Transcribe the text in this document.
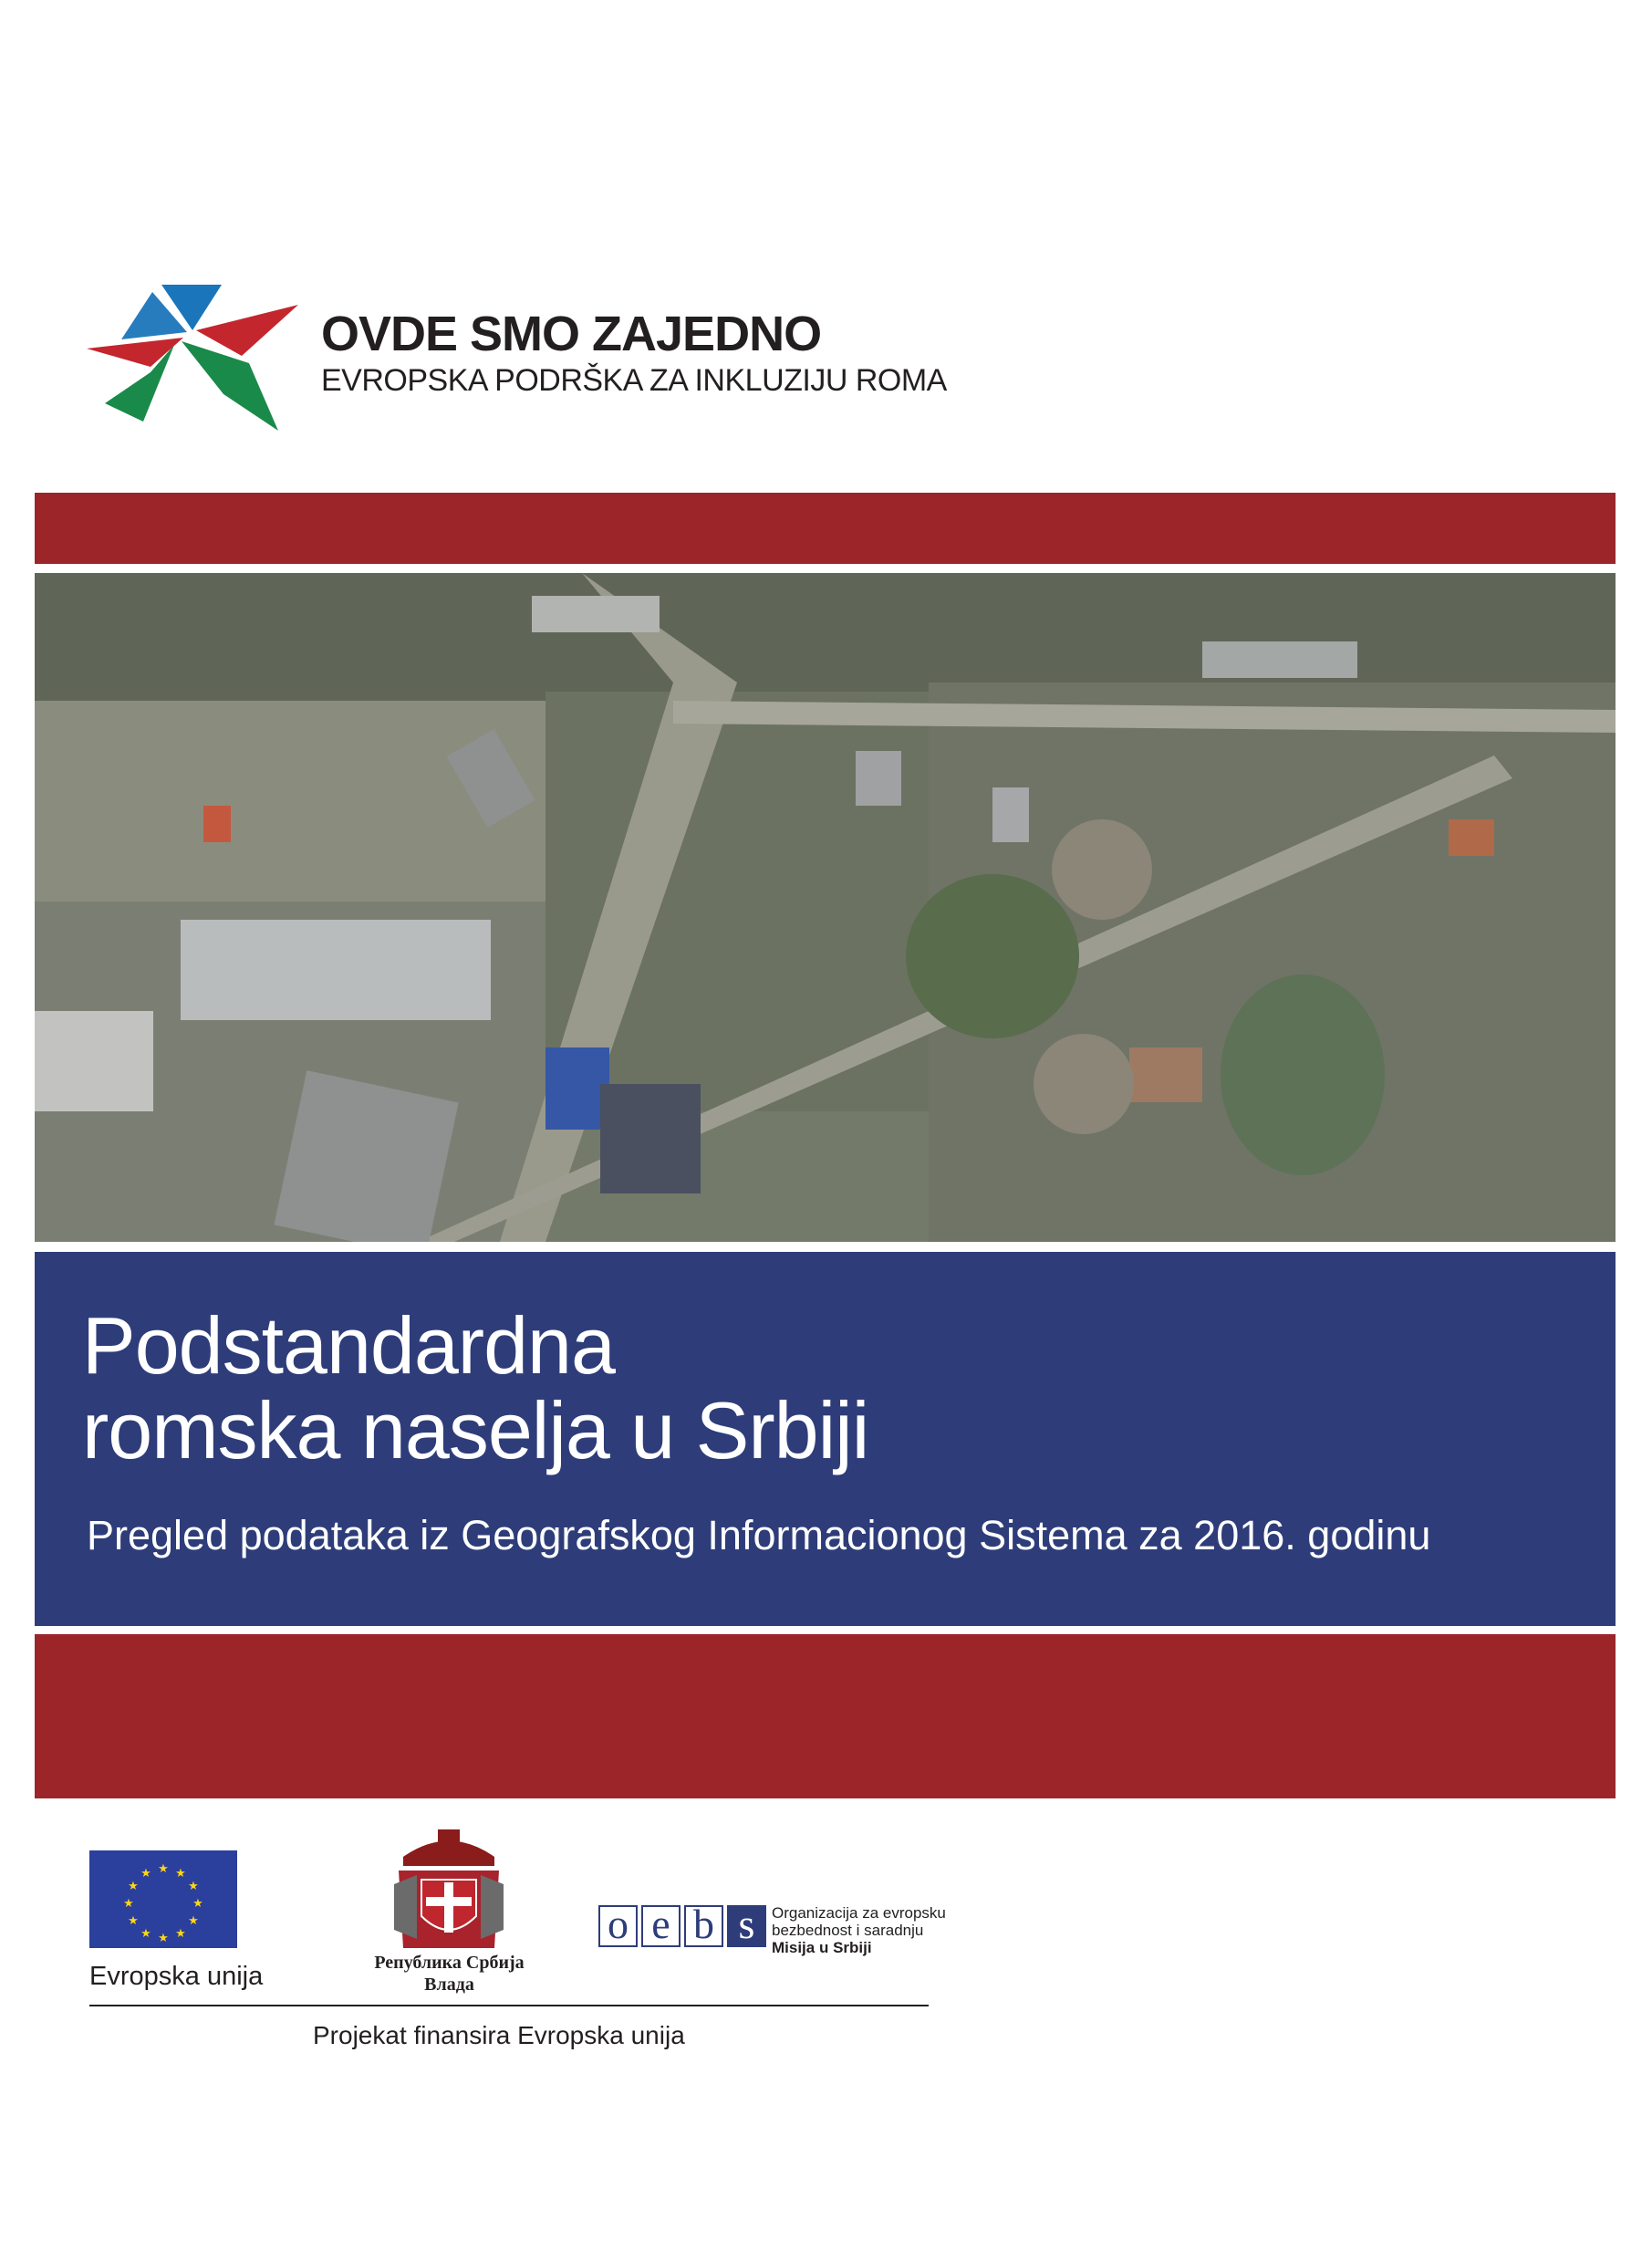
OVDE SMO ZAJEDNO
EVROPSKA PODRŠKA ZA INKLUZIJU ROMA
Podstandardna
romska naselja u Srbiji
Pregled podataka iz Geografskog Informacionog Sistema za 2016. godinu
★ ★
★
★
★
★
★
★
★
★
★
★
Evropska unija	Република Србија
Влада
o e b s	Organizacija za evropsku
bezbednost i saradnju
Misija u Srbiji
Projekat finansira Evropska unija
